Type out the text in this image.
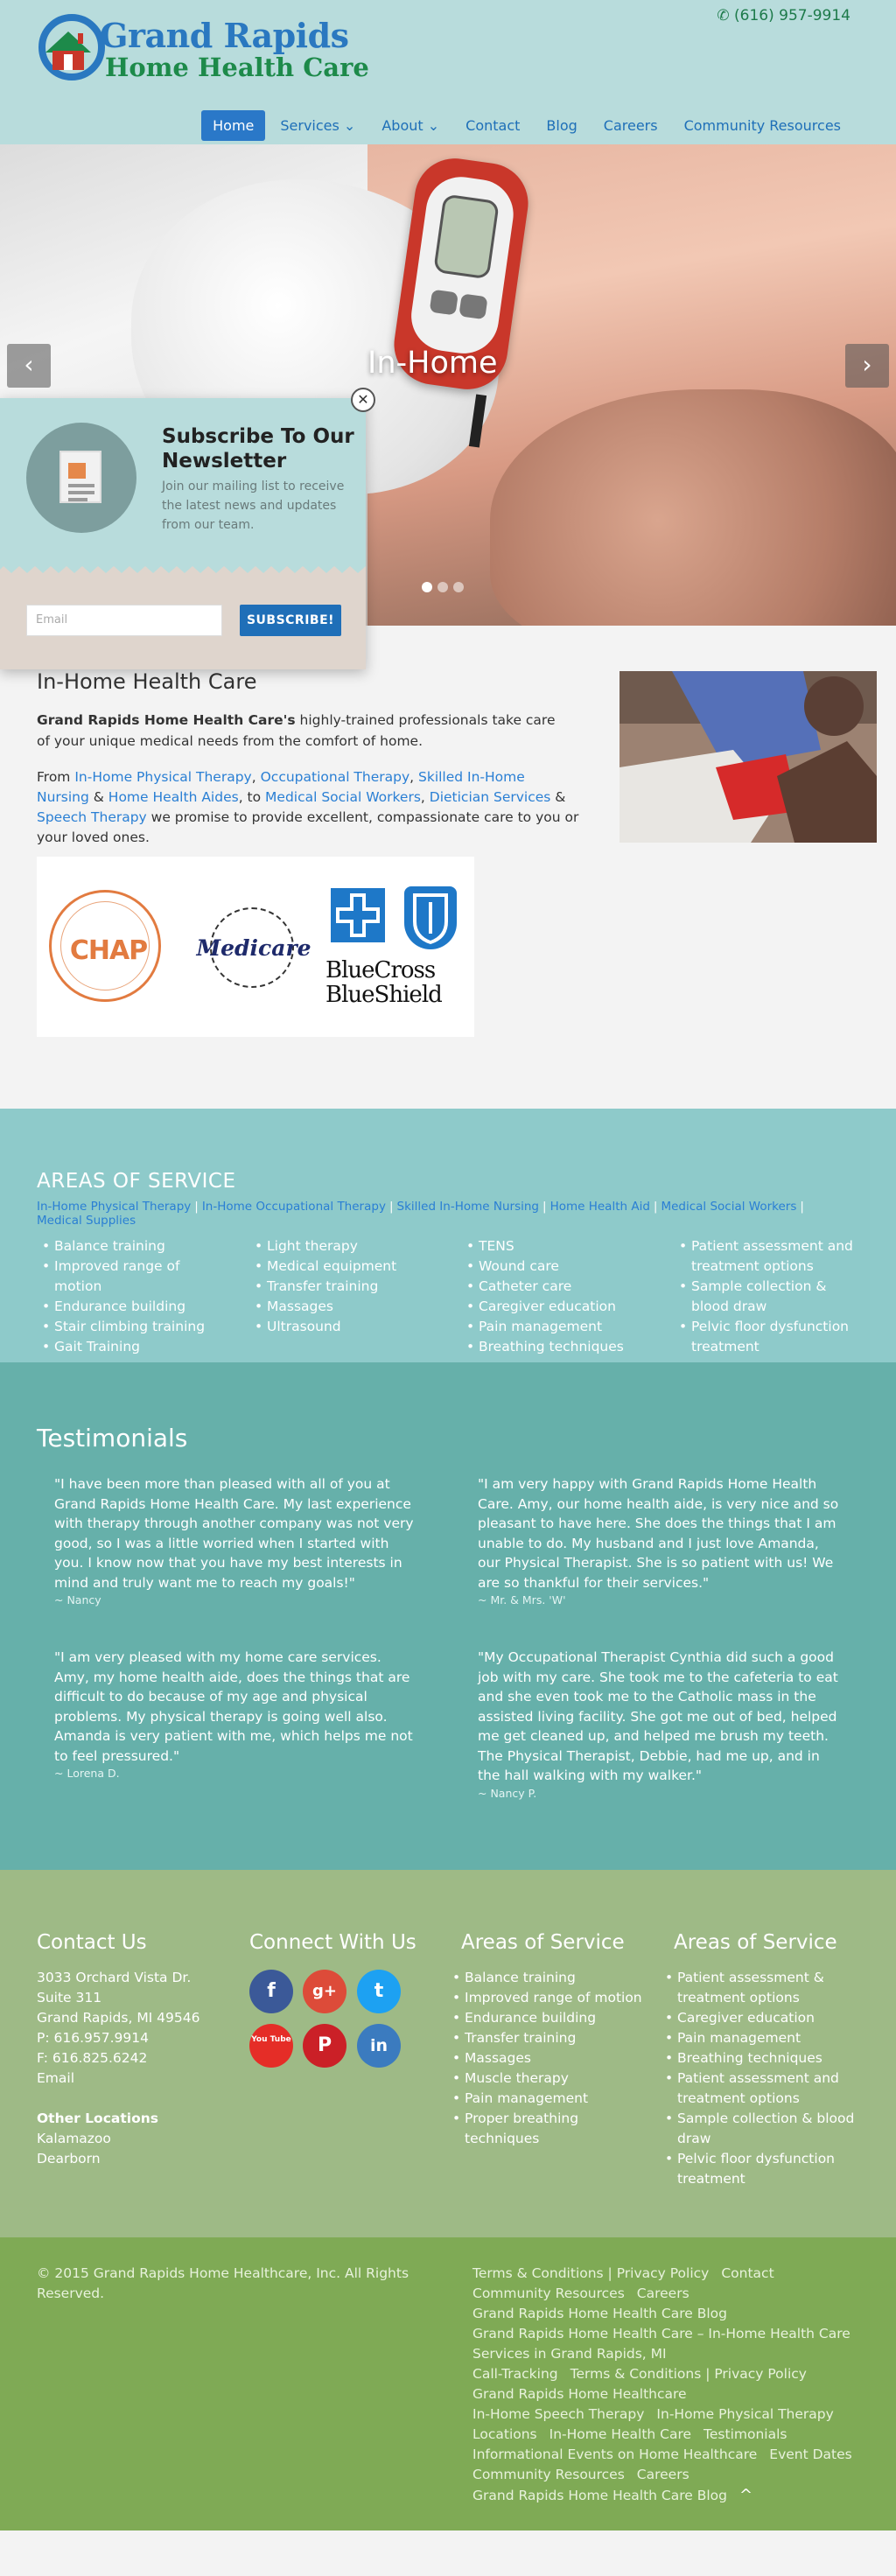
Grand Rapids
Home Health Care
✆ (616) 957-9914
Home	Services ⌄	About ⌄	Contact	Blog	Careers	Community Resources
In-Home
‹	›
✕
Subscribe To Our Newsletter
Join our mailing list to receive the latest news and updates from our team.
Email	SUBSCRIBE!
In-Home Health Care

Grand Rapids Home Health Care's highly-trained professionals take care of your unique medical needs from the comfort of home.

From In-Home Physical Therapy, Occupational Therapy, Skilled In-Home Nursing & Home Health Aides, to Medical Social Workers, Dietician Services & Speech Therapy we promise to provide excellent, compassionate care to you or your loved ones.

CHAP	Medicare
BlueCross
BlueShield
AREAS OF SERVICE
In-Home Physical Therapy | In-Home Occupational Therapy | Skilled In-Home Nursing | Home Health Aid | Medical Social Workers |
Medical Supplies
• Balance training
• Improved range of motion
• Endurance building
• Stair climbing training
• Gait Training
• Light therapy
• Medical equipment
• Transfer training
• Massages
• Ultrasound
• TENS
• Wound care
• Catheter care
• Caregiver education
• Pain management
• Breathing techniques
• Patient assessment and treatment options
• Sample collection & blood draw
• Pelvic floor dysfunction treatment
Testimonials
"I have been more than pleased with all of you at Grand Rapids Home Health Care. My last experience with therapy through another company was not very good, so I was a little worried when I started with you. I know now that you have my best interests in mind and truly want me to reach my goals!"
~ Nancy
"I am very happy with Grand Rapids Home Health Care. Amy, our home health aide, is very nice and so pleasant to have here. She does the things that I am unable to do. My husband and I just love Amanda, our Physical Therapist. She is so patient with us! We are so thankful for their services."
~ Mr. & Mrs. 'W'
"I am very pleased with my home care services. Amy, my home health aide, does the things that are difficult to do because of my age and physical problems. My physical therapy is going well also. Amanda is very patient with me, which helps me not to feel pressured."
~ Lorena D.
"My Occupational Therapist Cynthia did such a good job with my care. She took me to the cafeteria to eat and she even took me to the Catholic mass in the assisted living facility. She got me out of bed, helped me get cleaned up, and helped me brush my teeth. The Physical Therapist, Debbie, had me up, and in the hall walking with my walker."
~ Nancy P.
Contact Us
3033 Orchard Vista Dr.
Suite 311
Grand Rapids, MI 49546
P: 616.957.9914
F: 616.825.6242
Email
Other Locations
Kalamazoo
Dearborn
Connect With Us
f	g+	t
You Tube	P	in
Areas of Service
• Balance training
• Improved range of motion
• Endurance building
• Transfer training
• Massages
• Muscle therapy
• Pain management
• Proper breathing techniques
Areas of Service
• Patient assessment & treatment options
• Caregiver education
• Pain management
• Breathing techniques
• Patient assessment and treatment options
• Sample collection & blood draw
• Pelvic floor dysfunction treatment
© 2015 Grand Rapids Home Healthcare, Inc. All Rights Reserved.
Terms & Conditions | Privacy Policy Contact
Community Resources Careers
Grand Rapids Home Health Care Blog
Grand Rapids Home Health Care – In-Home Health Care Services in Grand Rapids, MI
Call-Tracking Terms & Conditions | Privacy Policy
Grand Rapids Home Healthcare
In-Home Speech Therapy In-Home Physical Therapy
Locations In-Home Health Care Testimonials
Informational Events on Home Healthcare Event Dates
Community Resources Careers
Grand Rapids Home Health Care Blog ^
